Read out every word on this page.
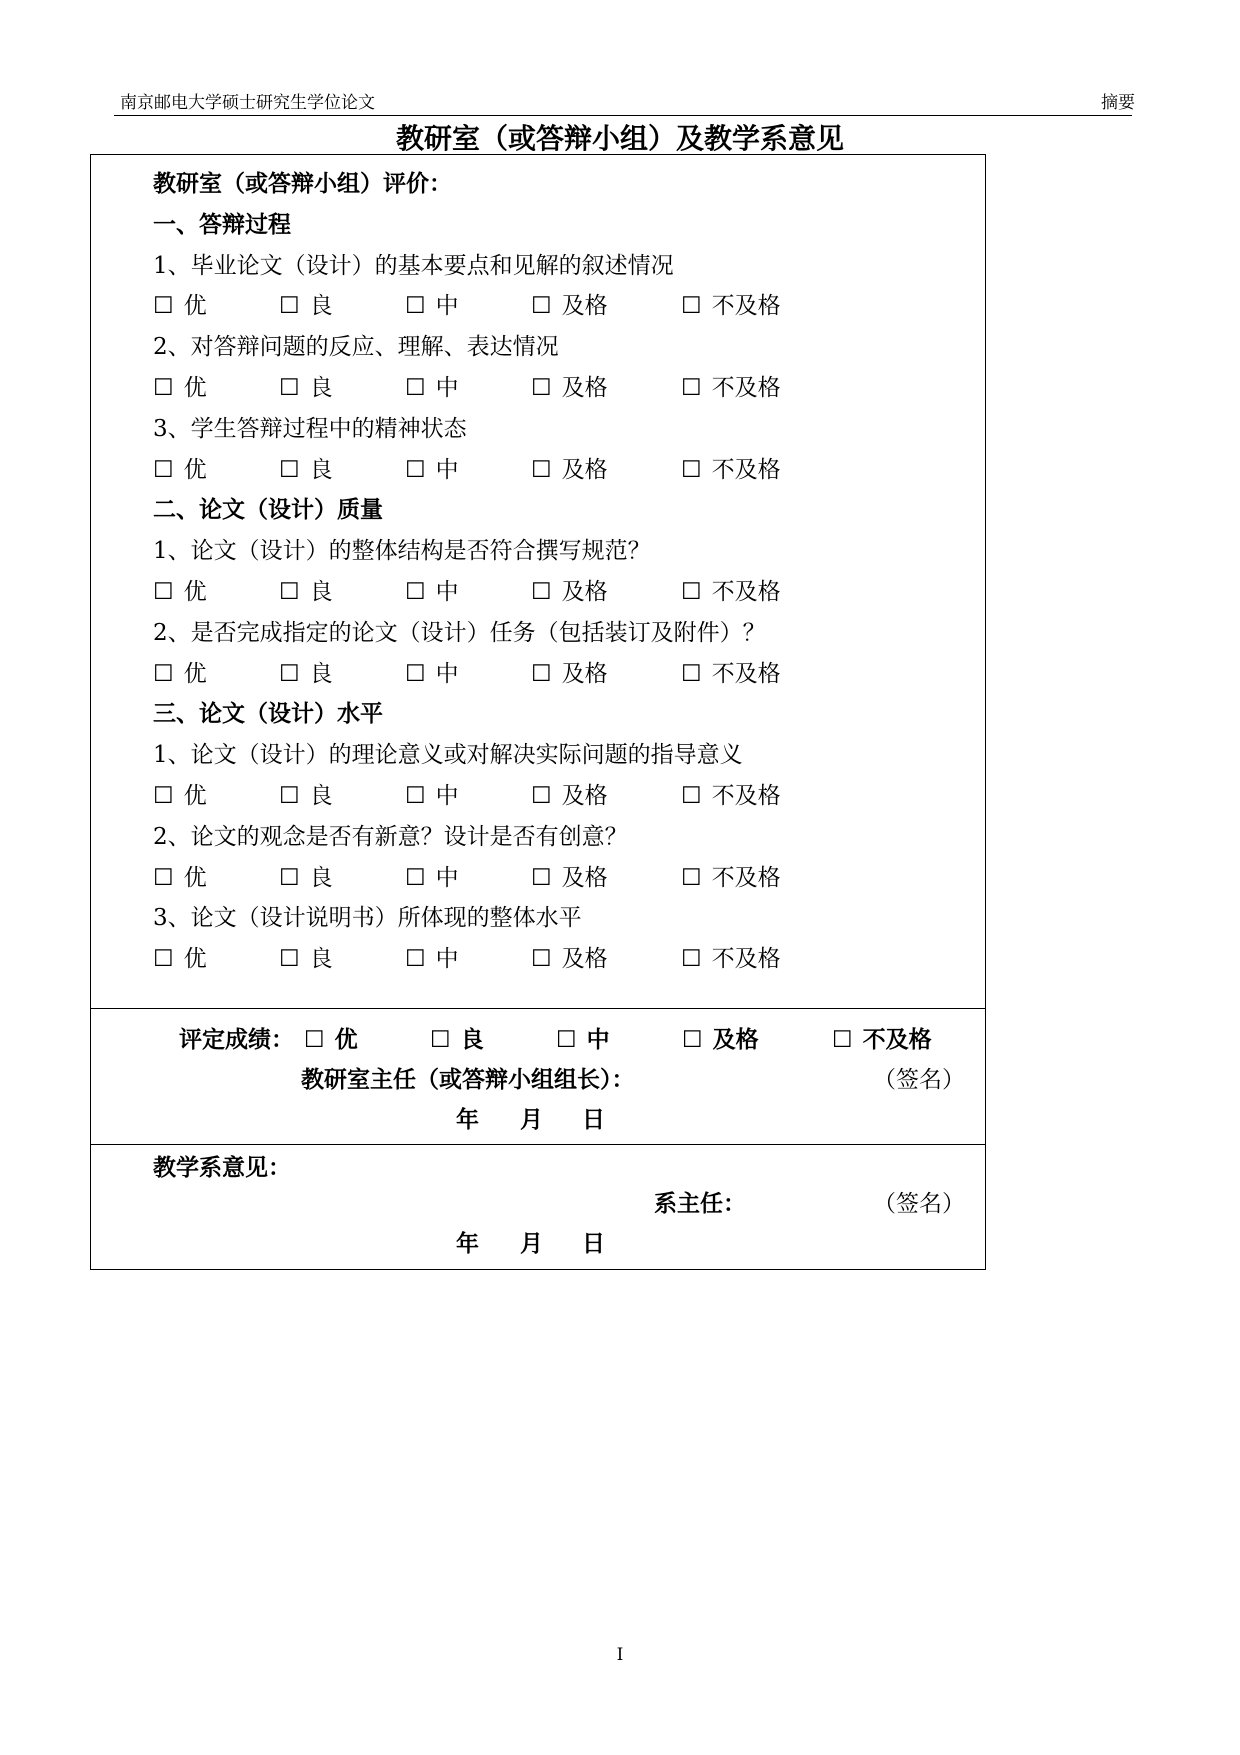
南京邮电大学硕士研究生学位论文	摘要
教研室（或答辩小组）及教学系意见
教研室（或答辩小组）评价：
一、答辩过程
1、毕业论文（设计）的基本要点和见解的叙述情况
☐ 优	☐ 良	☐ 中	☐ 及格	☐ 不及格
2、对答辩问题的反应、理解、表达情况
☐ 优	☐ 良	☐ 中	☐ 及格	☐ 不及格
3、学生答辩过程中的精神状态
☐ 优	☐ 良	☐ 中	☐ 及格	☐ 不及格
二、论文（设计）质量
1、论文（设计）的整体结构是否符合撰写规范？
☐ 优	☐ 良	☐ 中	☐ 及格	☐ 不及格
2、是否完成指定的论文（设计）任务（包括装订及附件）？
☐ 优	☐ 良	☐ 中	☐ 及格	☐ 不及格
三、论文（设计）水平
1、论文（设计）的理论意义或对解决实际问题的指导意义
☐ 优	☐ 良	☐ 中	☐ 及格	☐ 不及格
2、论文的观念是否有新意？设计是否有创意？
☐ 优	☐ 良	☐ 中	☐ 及格	☐ 不及格
3、论文（设计说明书）所体现的整体水平
☐ 优	☐ 良	☐ 中	☐ 及格	☐ 不及格
评定成绩： ☐ 优	☐ 良	☐ 中	☐ 及格	☐ 不及格
教研室主任（或答辩小组组长）：	（签名）
年 月 日
教学系意见：
系主任：	（签名）
年 月 日
I
